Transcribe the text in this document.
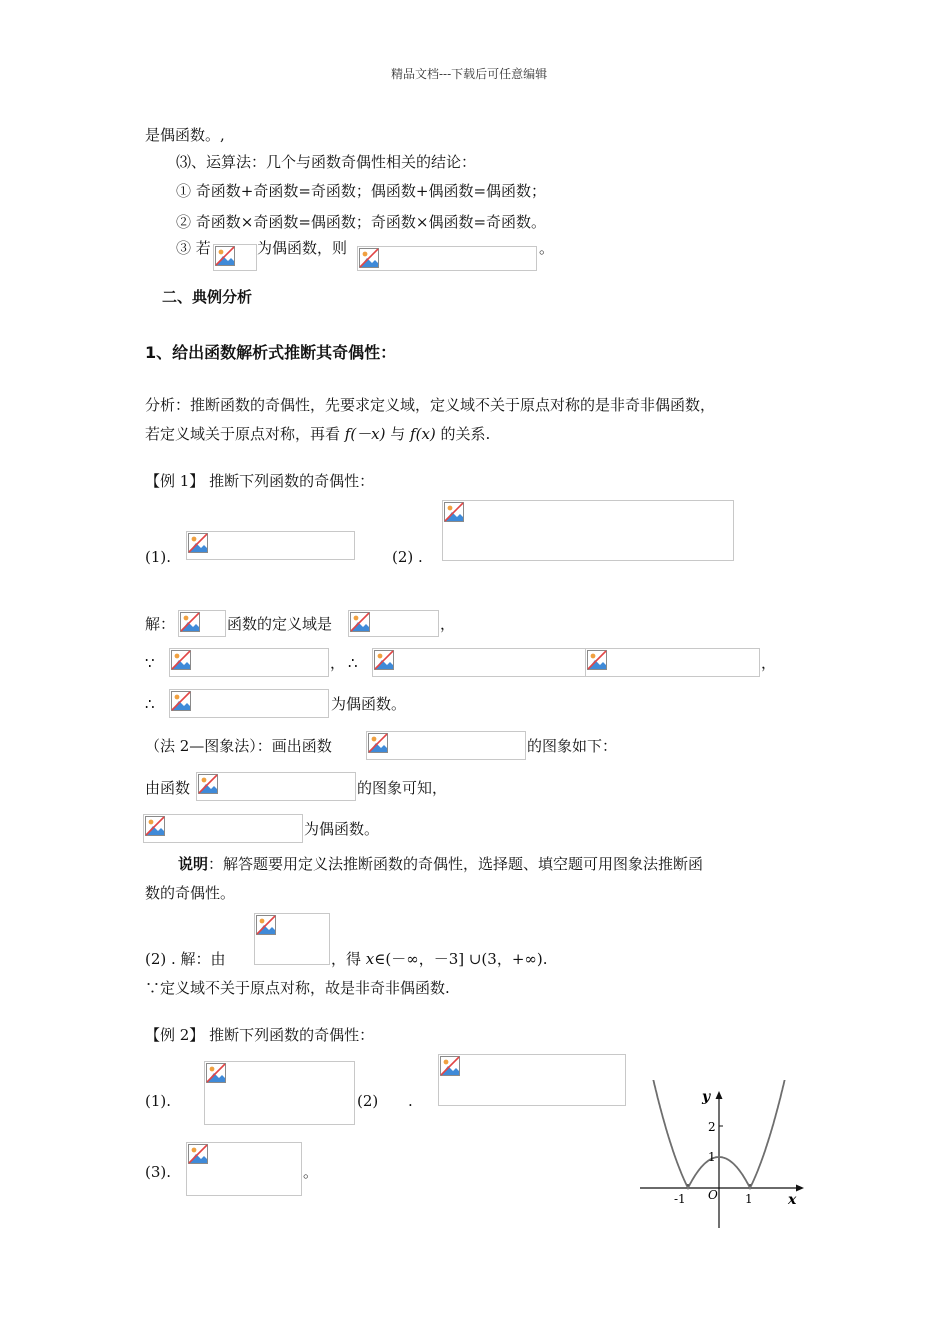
精品文档---下载后可任意编辑
是偶函数。,
⑶、运算法：几个与函数奇偶性相关的结论：
① 奇函数+奇函数=奇函数；偶函数+偶函数=偶函数；
② 奇函数×奇函数=偶函数；奇函数×偶函数=奇函数。
③ 若	为偶函数，则	。
二、典例分析
1、给出函数解析式推断其奇偶性：
分析：推断函数的奇偶性，先要求定义域，定义域不关于原点对称的是非奇非偶函数，
若定义域关于原点对称，再看 f(－x) 与 f(x) 的关系.
【例 1】 推断下列函数的奇偶性：
(1).	(2) .
解：	函数的定义域是	，
∵	， ∴	，
∴	为偶函数。
（法 2—图象法）：画出函数	的图象如下：
由函数	的图象可知，
为偶函数。
说明：解答题要用定义法推断函数的奇偶性，选择题、填空题可用图象法推断函
数的奇偶性。
(2) . 解：由	，得 x∈(－∞，－3] ∪(3，+∞).
∵定义域不关于原点对称，故是非奇非偶函数.
【例 2】 推断下列函数的奇偶性：
(1).	(2) .
(3).	。
y
x
O
2
1
-1	1
